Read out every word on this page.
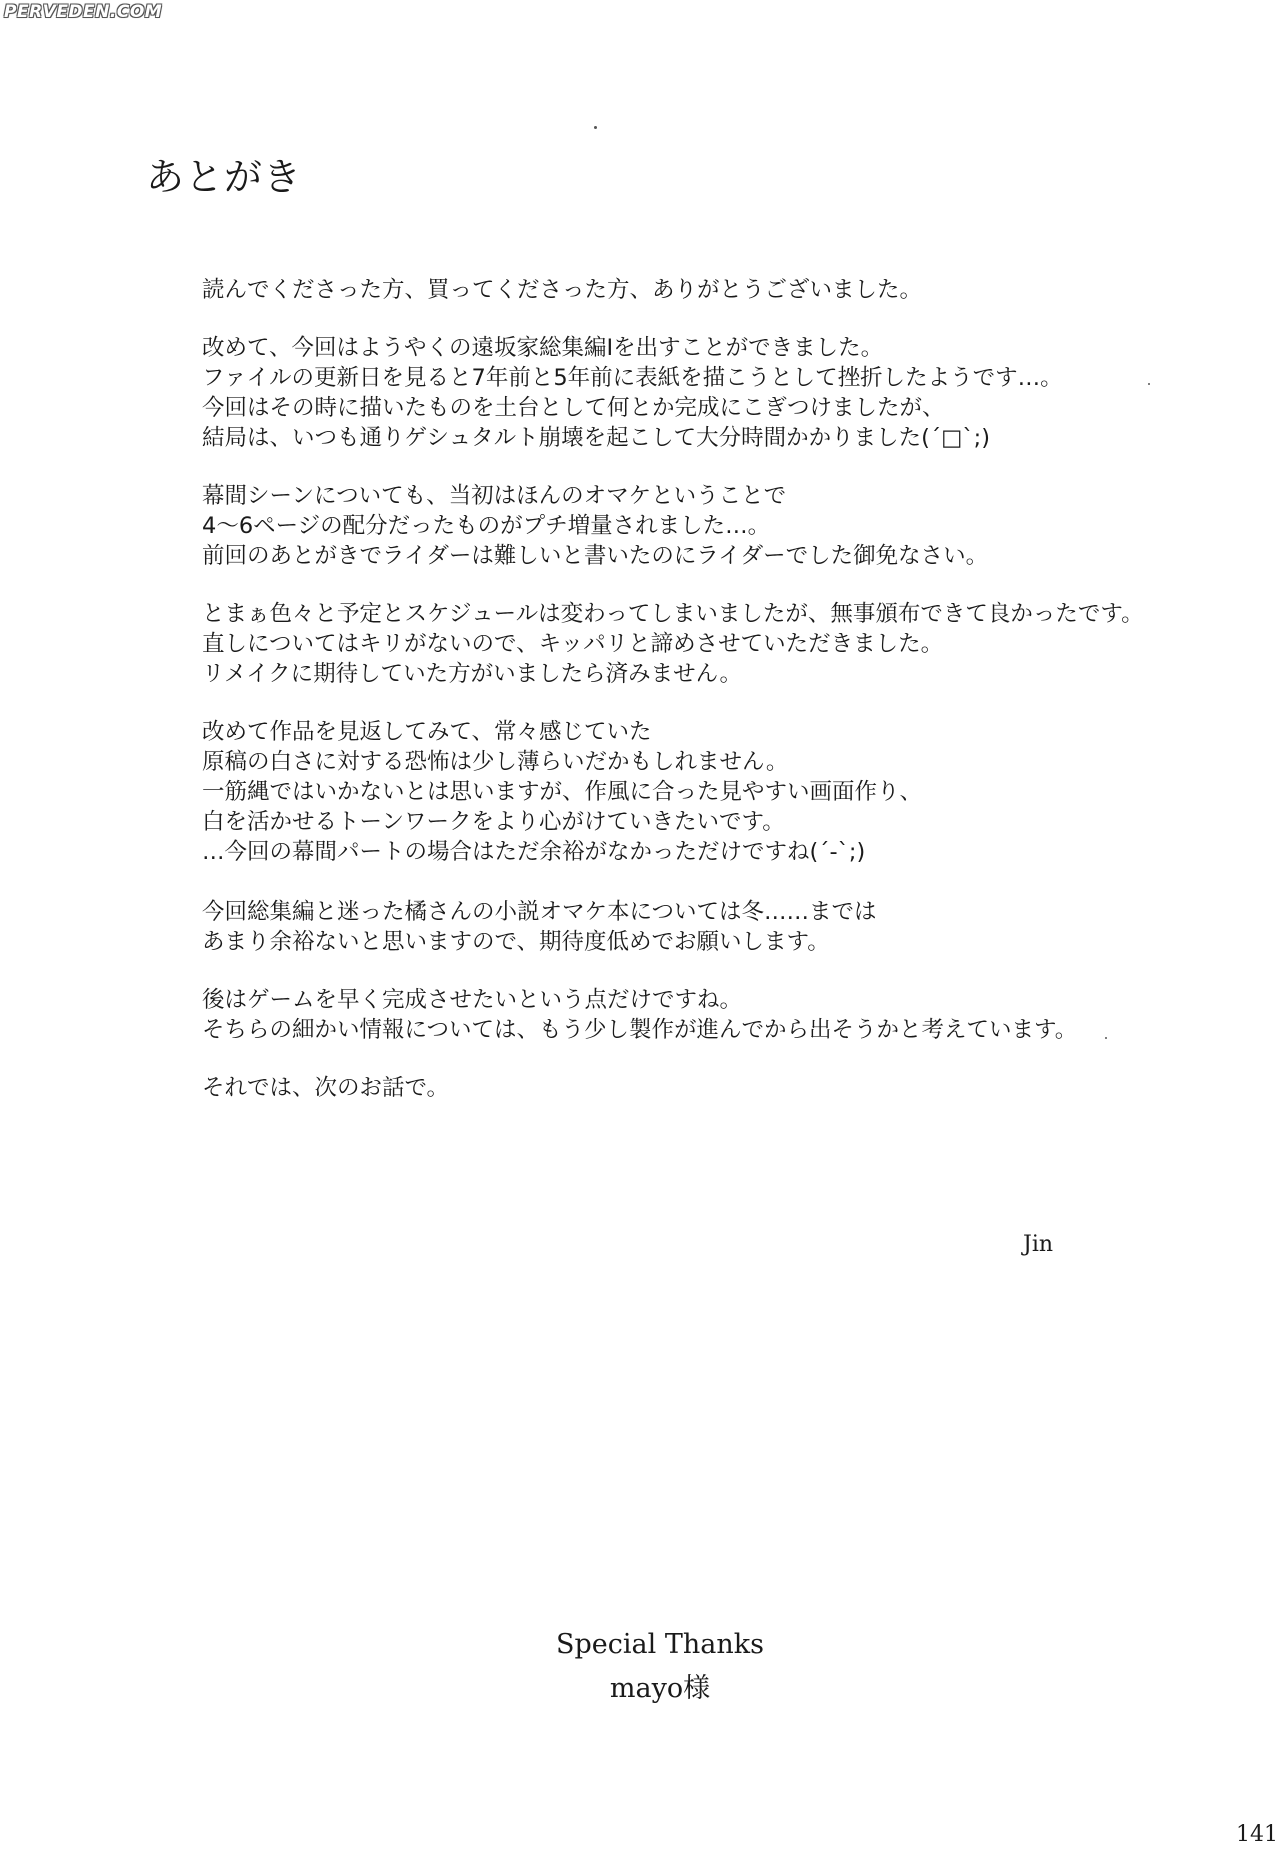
PERVEDEN.COM
あとがき

読んでくださった方、買ってくださった方、ありがとうございました。

改めて、今回はようやくの遠坂家総集編Ⅰを出すことができました。
ファイルの更新日を見ると7年前と5年前に表紙を描こうとして挫折したようです…。
今回はその時に描いたものを土台として何とか完成にこぎつけましたが、
結局は、いつも通りゲシュタルト崩壊を起こして大分時間かかりました(´□`;)

幕間シーンについても、当初はほんのオマケということで
4～6ページの配分だったものがプチ増量されました…。
前回のあとがきでライダーは難しいと書いたのにライダーでした御免なさい。

とまぁ色々と予定とスケジュールは変わってしまいましたが、無事頒布できて良かったです。
直しについてはキリがないので、キッパリと諦めさせていただきました。
リメイクに期待していた方がいましたら済みません。

改めて作品を見返してみて、常々感じていた
原稿の白さに対する恐怖は少し薄らいだかもしれません。
一筋縄ではいかないとは思いますが、作風に合った見やすい画面作り、
白を活かせるトーンワークをより心がけていきたいです。
…今回の幕間パートの場合はただ余裕がなかっただけですね(´-`;)

今回総集編と迷った橘さんの小説オマケ本については冬……までは
あまり余裕ないと思いますので、期待度低めでお願いします。

後はゲームを早く完成させたいという点だけですね。
そちらの細かい情報については、もう少し製作が進んでから出そうかと考えています。

それでは、次のお話で。

Jin
Special Thanks
mayo様
141
